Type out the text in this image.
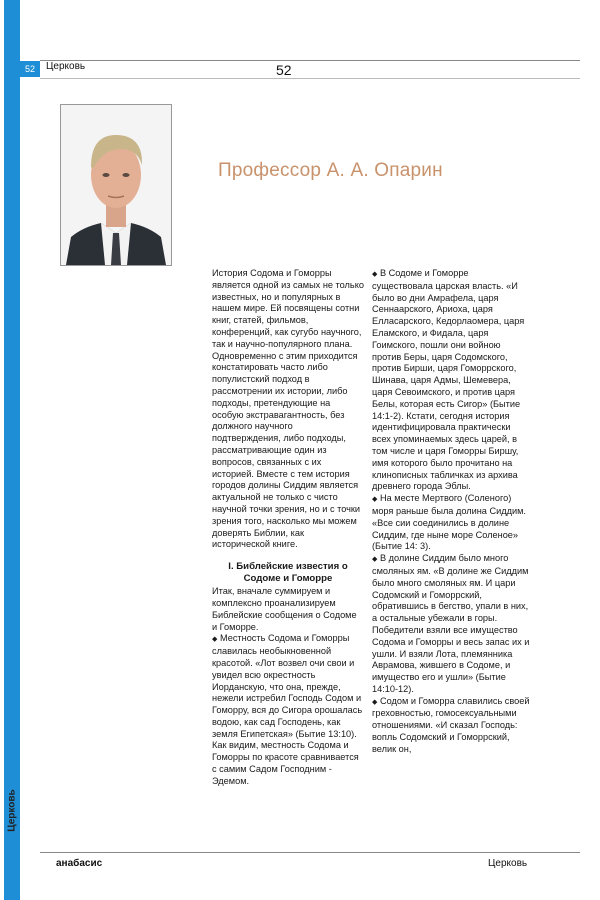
Церковь
52	Церковь	52
Профессор А. А. Опарин

История Содома и Гоморры является одной из самых не только известных, но и популярных в нашем мире. Ей посвящены сотни книг, статей, фильмов, конференций, как сугубо научного, так и научно-популярного плана. Одновременно с этим приходится констатировать часто либо популистский подход в рассмотрении их истории, либо подходы, претендующие на особую экстравагантность, без должного научного подтверждения, либо подходы, рассматривающие один из вопросов, связанных с их историей. Вместе с тем история городов долины Сиддим является актуальной не только с чисто научной точки зрения, но и с точки зрения того, насколько мы можем доверять Библии, как исторической книге.

I. Библейские известия о Содоме и Гоморре

Итак, вначале суммируем и комплексно проанализируем Библейские сообщения о Содоме и Гоморре.

◆ Местность Содома и Гоморры славилась необыкновенной красотой. «Лот возвел очи свои и увидел всю окрестность Иорданскую, что она, прежде, нежели истребил Господь Содом и Гоморру, вся до Сигора орошалась водою, как сад Господень, как земля Египетская» (Бытие 13:10). Как видим, местность Содома и Гоморры по красоте сравнивается с самим Садом Господним - Эдемом.

◆ В Содоме и Гоморре существовала царская власть. «И было во дни Амрафела, царя Сеннаарского, Ариоха, царя Елласарского, Кедорлаомера, царя Еламского, и Фидала, царя Гоимского, пошли они войною против Беры, царя Содомского, против Бирши, царя Гоморрского, Шинава, царя Адмы, Шемевера, царя Севоимского, и против царя Белы, которая есть Сигор» (Бытие 14:1-2). Кстати, сегодня история идентифицировала практически всех упоминаемых здесь царей, в том числе и царя Гоморры Биршу, имя которого было прочитано на клинописных табличках из архива древнего города Эблы.

◆ На месте Мертвого (Соленого) моря раньше была долина Сиддим. «Все сии соединились в долине Сиддим, где ныне море Соленое» (Бытие 14: 3).

◆ В долине Сиддим было много смоляных ям. «В долине же Сиддим было много смоляных ям. И цари Содомский и Гоморрский, обратившись в бегство, упали в них, а остальные убежали в горы. Победители взяли все имущество Содома и Гоморры и весь запас их и ушли. И взяли Лота, племянника Аврамова, жившего в Содоме, и имущество его и ушли» (Бытие 14:10-12).

◆ Содом и Гоморра славились своей греховностью, гомосексуальными отношениями. «И сказал Господь: вопль Содомский и Гоморрский, велик он,

анабасис	Церковь
